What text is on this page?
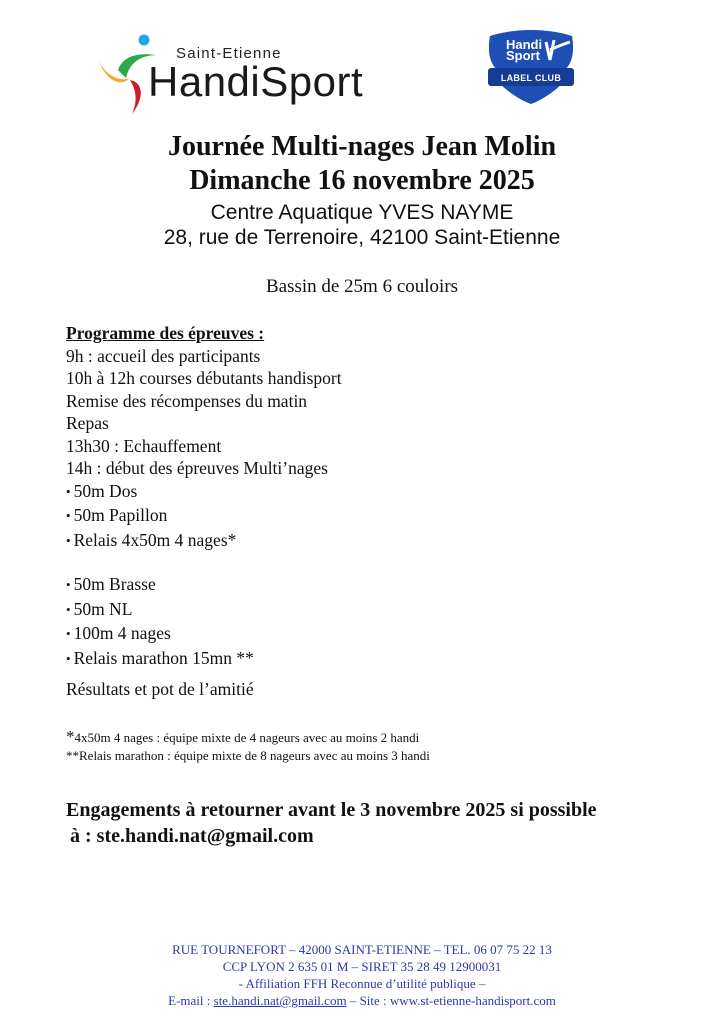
Saint-Etienne
HandiSport
Handi
Sport
LABEL CLUB
Journée Multi-nages Jean Molin
Dimanche 16 novembre 2025
Centre Aquatique YVES NAYME
28, rue de Terrenoire, 42100 Saint-Etienne
Bassin de 25m 6 couloirs
Programme des épreuves :
9h : accueil des participants
10h à 12h courses débutants handisport
Remise des récompenses du matin
Repas
13h30 : Echauffement
14h : début des épreuves Multi’nages
• 50m Dos
• 50m Papillon
• Relais 4x50m 4 nages*
• 50m Brasse
• 50m NL
• 100m 4 nages
• Relais marathon 15mn **
Résultats et pot de l’amitié
*4x50m 4 nages : équipe mixte de 4 nageurs avec au moins 2 handi
**Relais marathon : équipe mixte de 8 nageurs avec au moins 3 handi
Engagements à retourner avant le 3 novembre 2025 si possible
à : ste.handi.nat@gmail.com
RUE TOURNEFORT – 42000 SAINT-ETIENNE – TEL. 06 07 75 22 13
CCP LYON 2 635 01 M – SIRET 35 28 49 12900031
- Affiliation FFH Reconnue d’utilité publique –
E-mail : ste.handi.nat@gmail.com – Site : www.st-etienne-handisport.com
